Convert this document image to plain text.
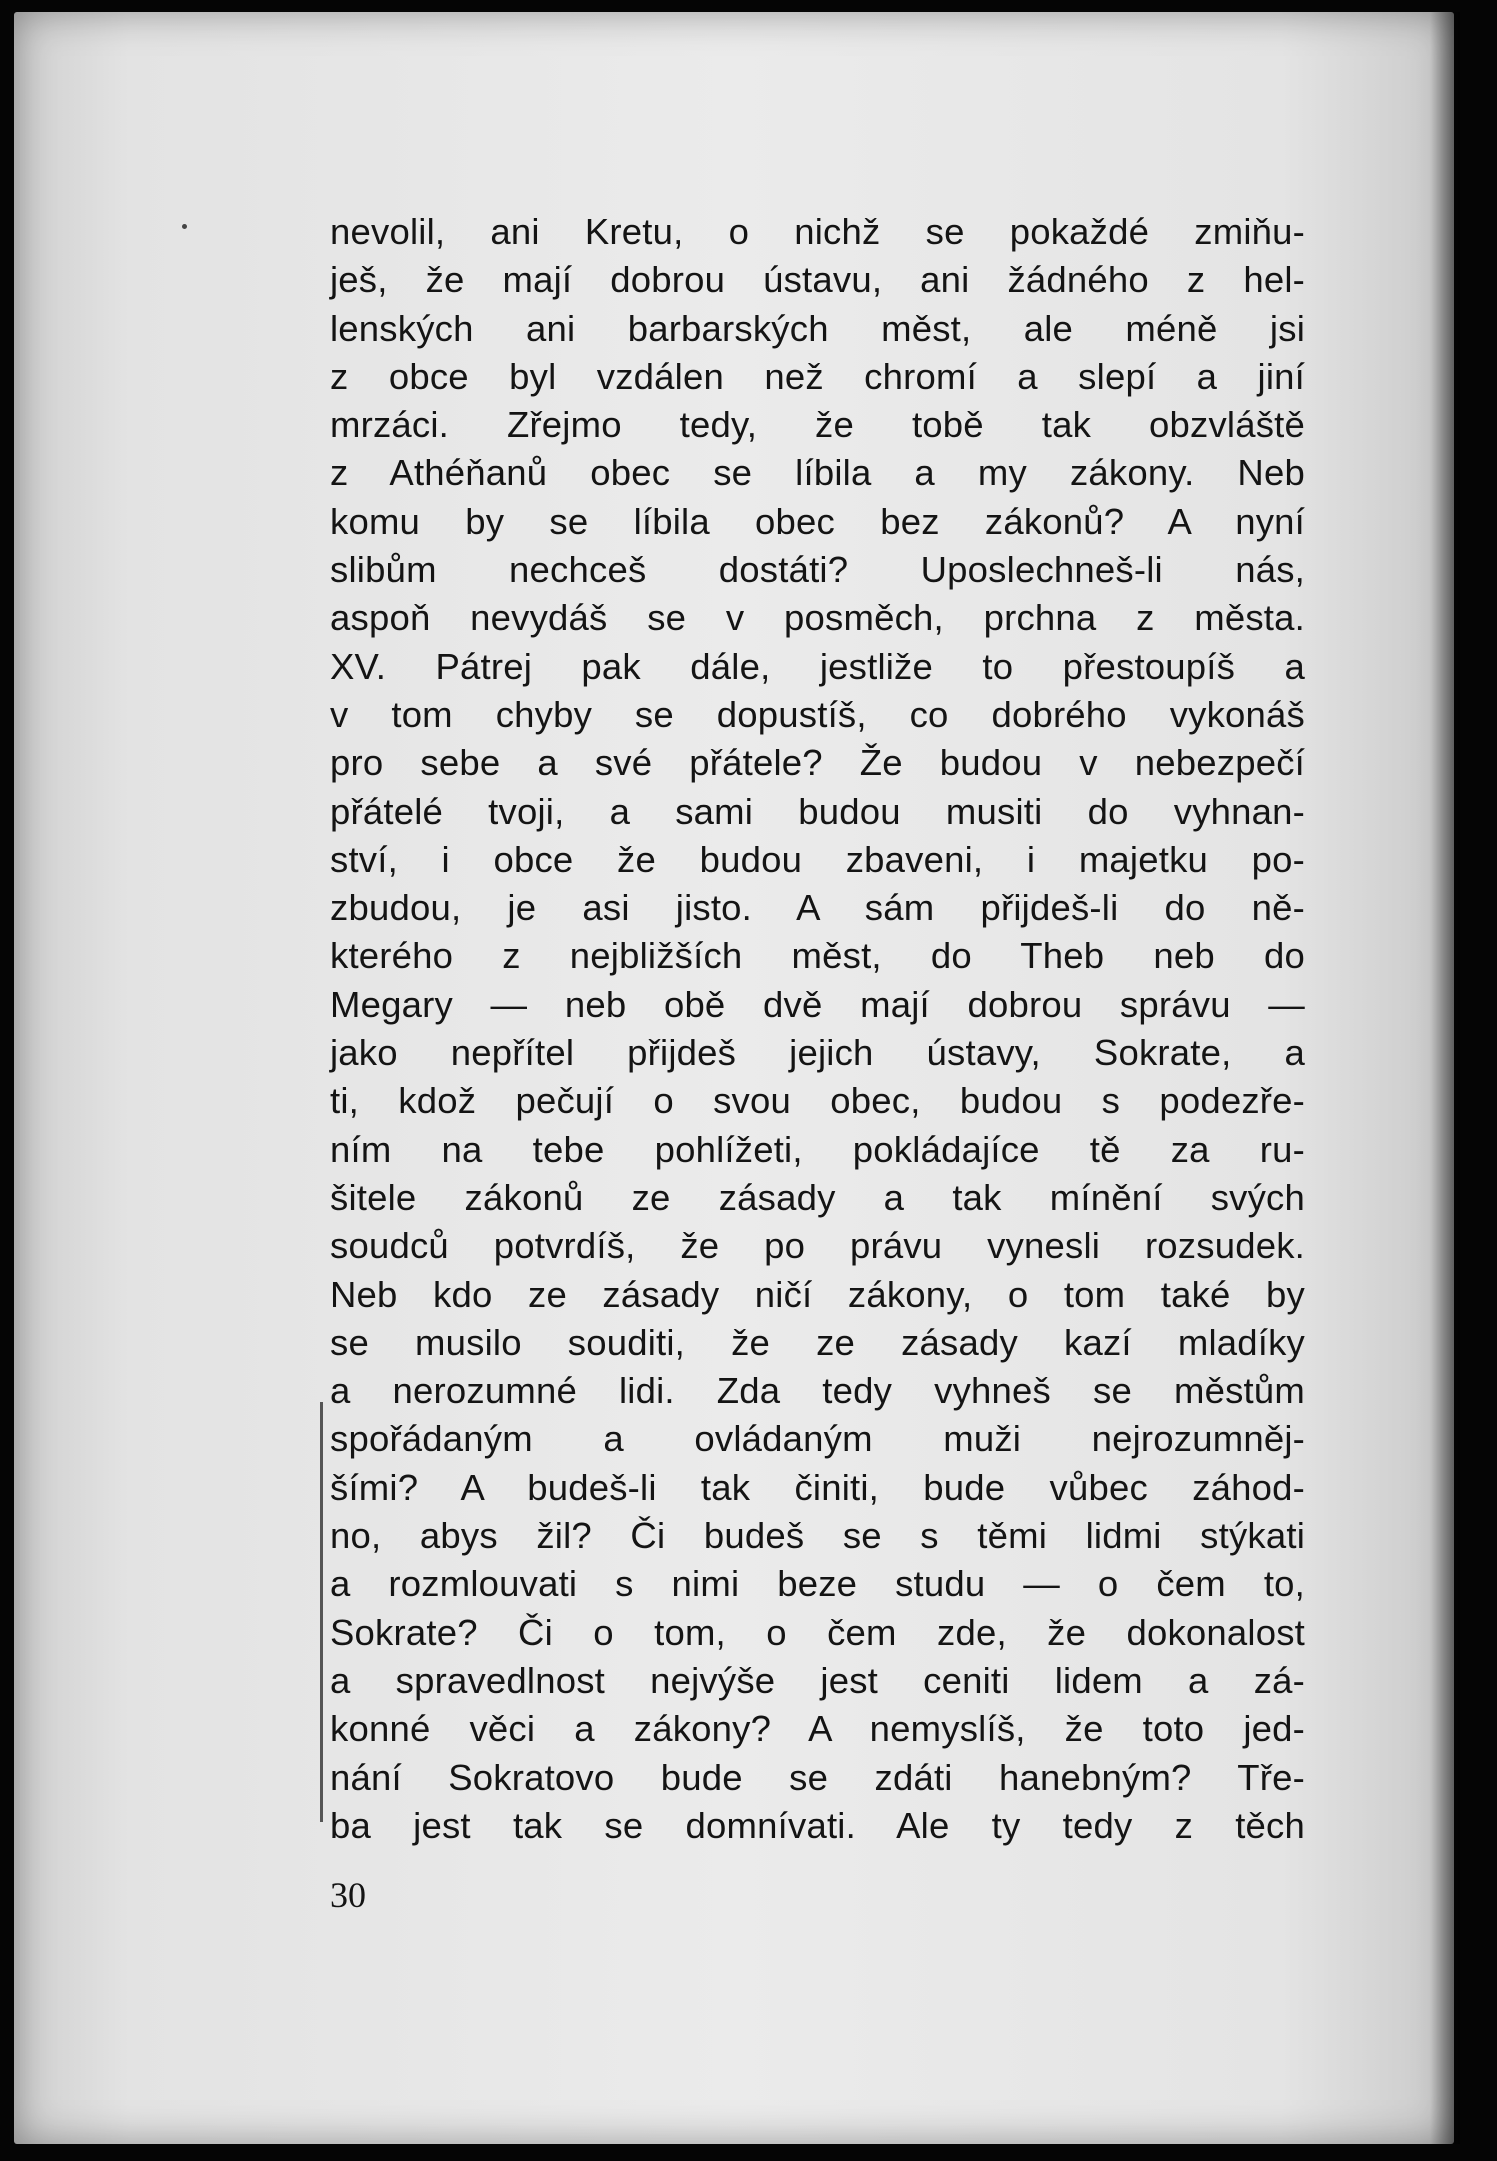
nevolil, ani Kretu, o nichž se pokaždé zmiňu-
ješ, že mají dobrou ústavu, ani žádného z hel-
lenských ani barbarských měst, ale méně jsi
z obce byl vzdálen než chromí a slepí a jiní
mrzáci. Zřejmo tedy, že tobě tak obzvláště
z Athéňanů obec se líbila a my zákony. Neb
komu by se líbila obec bez zákonů? A nyní
slibům nechceš dostáti? Uposlechneš-li nás,
aspoň nevydáš se v posměch, prchna z města.
XV. Pátrej pak dále, jestliže to přestoupíš a
v tom chyby se dopustíš, co dobrého vykonáš
pro sebe a své přátele? Že budou v nebezpečí
přátelé tvoji, a sami budou musiti do vyhnan-
ství, i obce že budou zbaveni, i majetku po-
zbudou, je asi jisto. A sám přijdeš-li do ně-
kterého z nejbližších měst, do Theb neb do
Megary — neb obě dvě mají dobrou správu —
jako nepřítel přijdeš jejich ústavy, Sokrate, a
ti, kdož pečují o svou obec, budou s podezře-
ním na tebe pohlížeti, pokládajíce tě za ru-
šitele zákonů ze zásady a tak mínění svých
soudců potvrdíš, že po právu vynesli rozsudek.
Neb kdo ze zásady ničí zákony, o tom také by
se musilo souditi, že ze zásady kazí mladíky
a nerozumné lidi. Zda tedy vyhneš se městům
spořádaným a ovládaným muži nejrozumněj-
šími? A budeš-li tak činiti, bude vůbec záhod-
no, abys žil? Či budeš se s těmi lidmi stýkati
a rozmlouvati s nimi beze studu — o čem to,
Sokrate? Či o tom, o čem zde, že dokonalost
a spravedlnost nejvýše jest ceniti lidem a zá-
konné věci a zákony? A nemyslíš, že toto jed-
nání Sokratovo bude se zdáti hanebným? Tře-
ba jest tak se domnívati. Ale ty tedy z těch
30
